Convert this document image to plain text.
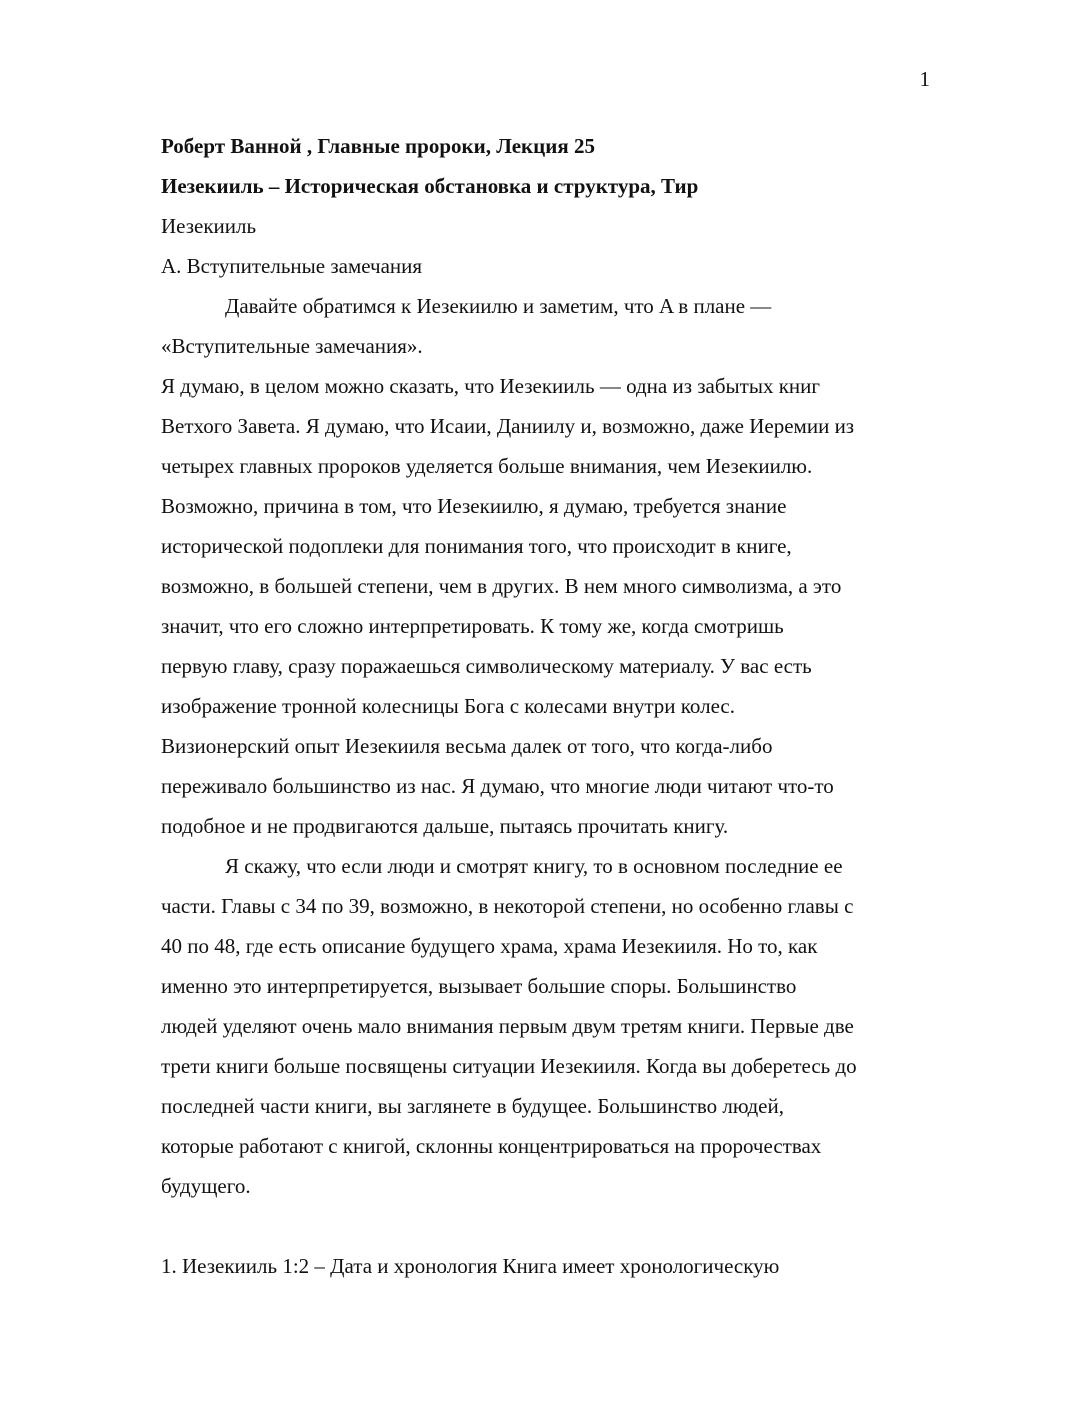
1
Роберт Ванной , Главные пророки, Лекция 25
Иезекииль – Историческая обстановка и структура, Тир
Иезекииль
A. Вступительные замечания
Давайте обратимся к Иезекиилю и заметим, что A в плане —
«Вступительные замечания».
Я думаю, в целом можно сказать, что Иезекииль — одна из забытых книг
Ветхого Завета. Я думаю, что Исаии, Даниилу и, возможно, даже Иеремии из
четырех главных пророков уделяется больше внимания, чем Иезекиилю.
Возможно, причина в том, что Иезекиилю, я думаю, требуется знание
исторической подоплеки для понимания того, что происходит в книге,
возможно, в большей степени, чем в других. В нем много символизма, а это
значит, что его сложно интерпретировать. К тому же, когда смотришь
первую главу, сразу поражаешься символическому материалу. У вас есть
изображение тронной колесницы Бога с колесами внутри колес.
Визионерский опыт Иезекииля весьма далек от того, что когда-либо
переживало большинство из нас. Я думаю, что многие люди читают что-то
подобное и не продвигаются дальше, пытаясь прочитать книгу.
Я скажу, что если люди и смотрят книгу, то в основном последние ее
части. Главы с 34 по 39, возможно, в некоторой степени, но особенно главы с
40 по 48, где есть описание будущего храма, храма Иезекииля. Но то, как
именно это интерпретируется, вызывает большие споры. Большинство
людей уделяют очень мало внимания первым двум третям книги. Первые две
трети книги больше посвящены ситуации Иезекииля. Когда вы доберетесь до
последней части книги, вы заглянете в будущее. Большинство людей,
которые работают с книгой, склонны концентрироваться на пророчествах
будущего.
1. Иезекииль 1:2 – Дата и хронология Книга имеет хронологическую
